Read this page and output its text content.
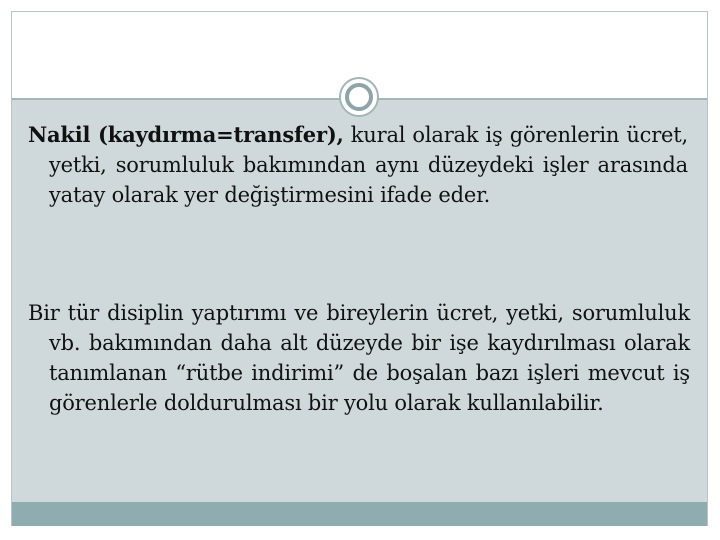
Nakil (kaydırma=transfer), kural olarak iş görenlerin ücret, yetki, sorumluluk bakımından aynı düzeydeki işler arasında yatay olarak yer değiştirmesini ifade eder.

Bir tür disiplin yaptırımı ve bireylerin ücret, yetki, sorumluluk vb. bakımından daha alt düzeyde bir işe kaydırılması olarak tanımlanan “rütbe indirimi” de boşalan bazı işleri mevcut iş görenlerle doldurulması bir yolu olarak kullanılabilir.
